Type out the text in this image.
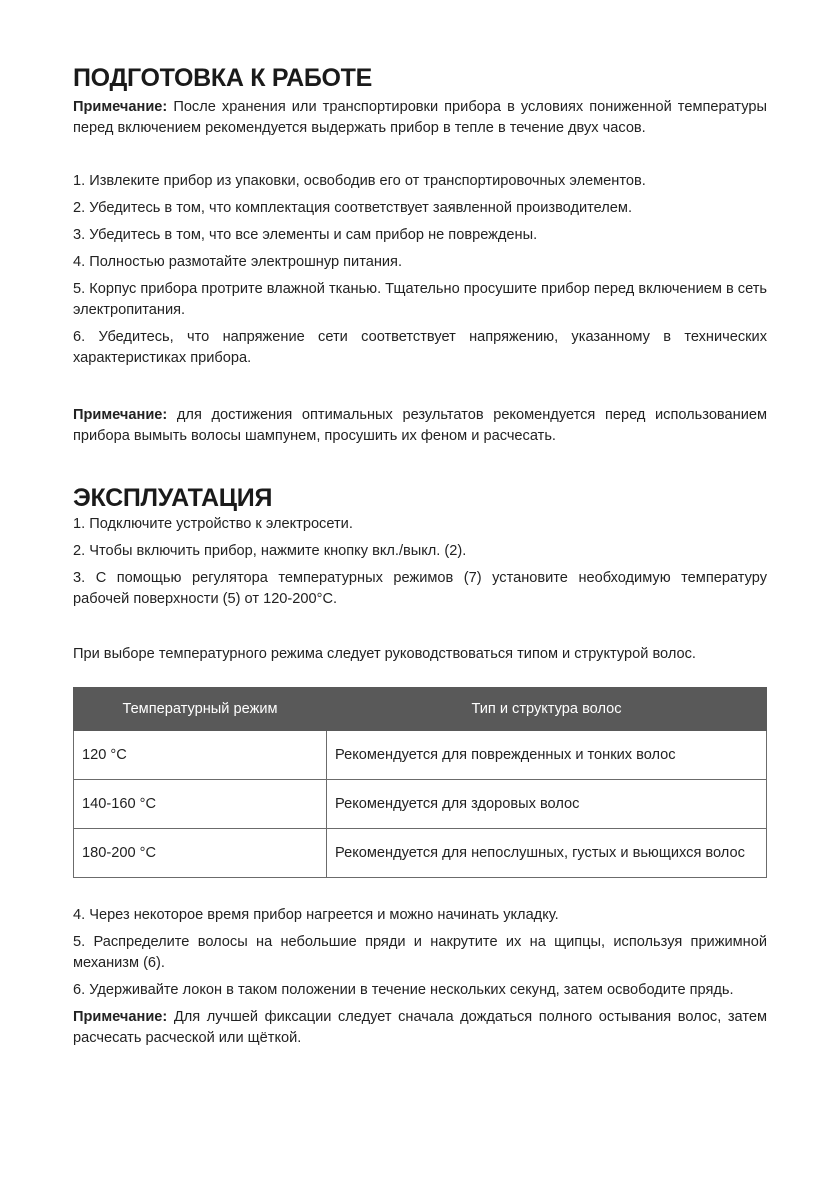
ПОДГОТОВКА К РАБОТЕ

Примечание: После хранения или транспортировки прибора в условиях пониженной температуры перед включением рекомендуется выдержать прибор в тепле в течение двух часов.

1. Извлеките прибор из упаковки, освободив его от транспортировочных элементов.

2. Убедитесь в том, что комплектация соответствует заявленной производителем.

3. Убедитесь в том, что все элементы и сам прибор не повреждены.

4. Полностью размотайте электрошнур питания.

5. Корпус прибора протрите влажной тканью. Тщательно просушите прибор перед включением в сеть электропитания.

6. Убедитесь, что напряжение сети соответствует напряжению, указанному в технических характеристиках прибора.

Примечание: для достижения оптимальных результатов рекомендуется перед использованием прибора вымыть волосы шампунем, просушить их феном и расчесать.

ЭКСПЛУАТАЦИЯ

1. Подключите устройство к электросети.

2. Чтобы включить прибор, нажмите кнопку вкл./выкл. (2).

3. С помощью регулятора температурных режимов (7) установите необходимую температуру рабочей поверхности (5) от 120-200°С.

При выборе температурного режима следует руководствоваться типом и структурой волос.

Температурный режим	Тип и структура волос
120 °С	Рекомендуется для поврежденных и тонких волос
140-160 °С	Рекомендуется для здоровых волос
180-200 °С	Рекомендуется для непослушных, густых и вьющихся волос

4. Через некоторое время прибор нагреется и можно начинать укладку.

5. Распределите волосы на небольшие пряди и накрутите их на щипцы, используя прижимной механизм (6).

6. Удерживайте локон в таком положении в течение нескольких секунд, затем освободите прядь.

Примечание: Для лучшей фиксации следует сначала дождаться полного остывания волос, затем расчесать расческой или щёткой.
